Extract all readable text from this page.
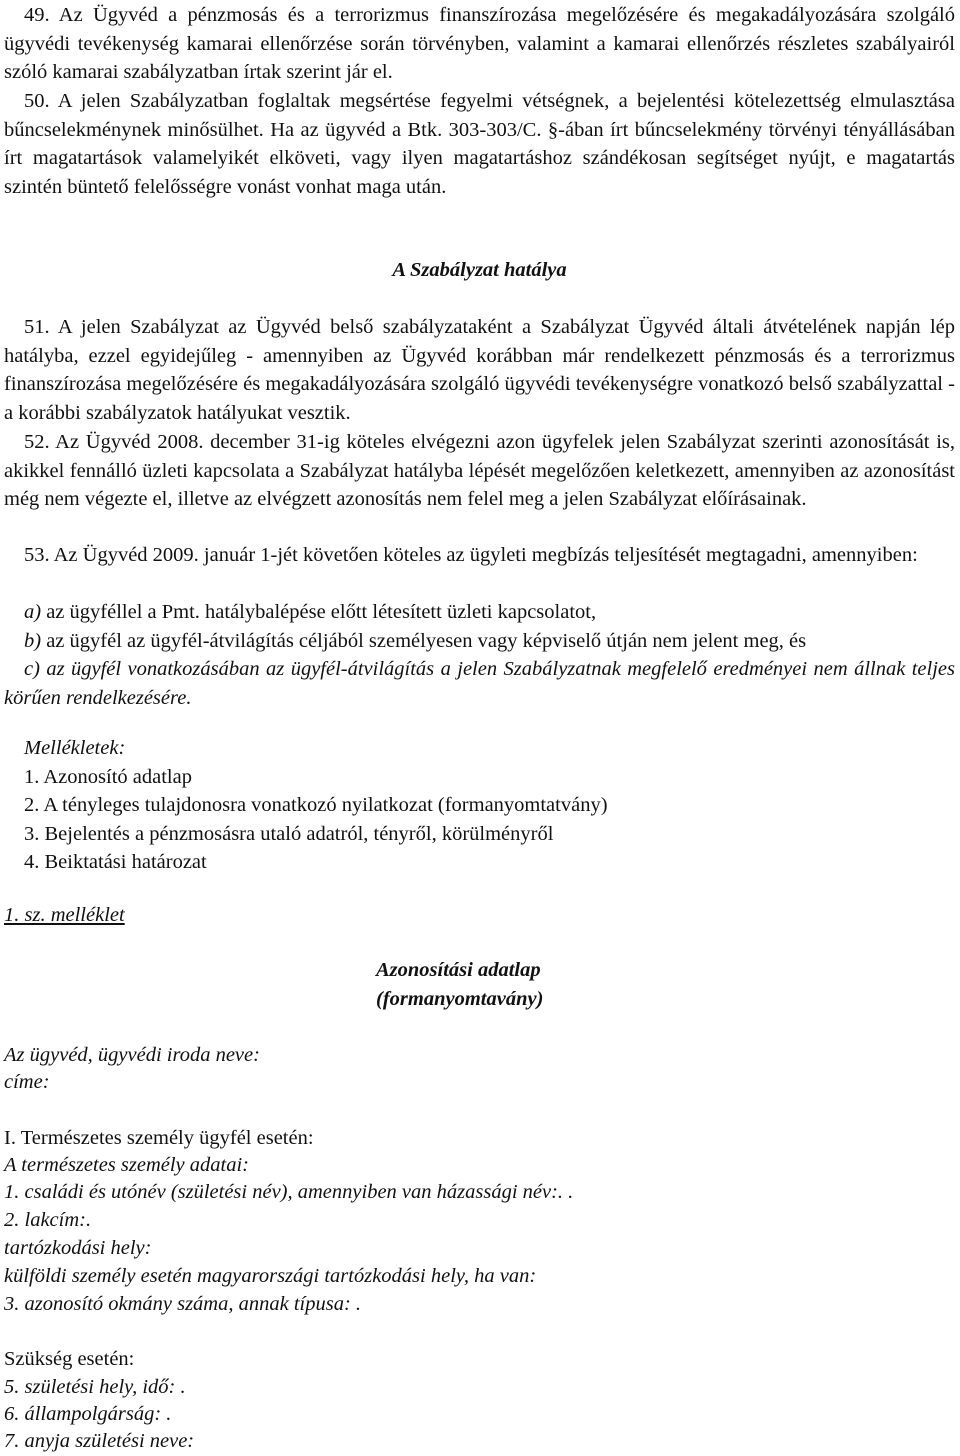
49. Az Ügyvéd a pénzmosás és a terrorizmus finanszírozása megelőzésére és megakadályozására szolgáló ügyvédi tevékenység kamarai ellenőrzése során törvényben, valamint a kamarai ellenőrzés részletes szabályairól szóló kamarai szabályzatban írtak szerint jár el.

50. A jelen Szabályzatban foglaltak megsértése fegyelmi vétségnek, a bejelentési kötelezettség elmulasztása bűncselekménynek minősülhet. Ha az ügyvéd a Btk. 303-303/C. §-ában írt bűncselekmény törvényi tényállásában írt magatartások valamelyikét elköveti, vagy ilyen magatartáshoz szándékosan segítséget nyújt, e magatartás szintén büntető felelősségre vonást vonhat maga után.

A Szabályzat hatálya

51. A jelen Szabályzat az Ügyvéd belső szabályzataként a Szabályzat Ügyvéd általi átvételének napján lép hatályba, ezzel egyidejűleg - amennyiben az Ügyvéd korábban már rendelkezett pénzmosás és a terrorizmus finanszírozása megelőzésére és megakadályozására szolgáló ügyvédi tevékenységre vonatkozó belső szabályzattal - a korábbi szabályzatok hatályukat vesztik.

52. Az Ügyvéd 2008. december 31-ig köteles elvégezni azon ügyfelek jelen Szabályzat szerinti azonosítását is, akikkel fennálló üzleti kapcsolata a Szabályzat hatályba lépését megelőzően keletkezett, amennyiben az azonosítást még nem végezte el, illetve az elvégzett azonosítás nem felel meg a jelen Szabályzat előírásainak.

53. Az Ügyvéd 2009. január 1-jét követően köteles az ügyleti megbízás teljesítését megtagadni, amennyiben:

a) az ügyféllel a Pmt. hatálybalépése előtt létesített üzleti kapcsolatot,

b) az ügyfél az ügyfél-átvilágítás céljából személyesen vagy képviselő útján nem jelent meg, és

c) az ügyfél vonatkozásában az ügyfél-átvilágítás a jelen Szabályzatnak megfelelő eredményei nem állnak teljes körűen rendelkezésére.

Mellékletek:

1. Azonosító adatlap

2. A tényleges tulajdonosra vonatkozó nyilatkozat (formanyomtatvány)

3. Bejelentés a pénzmosásra utaló adatról, tényről, körülményről

4. Beiktatási határozat

1. sz. melléklet

Azonosítási adatlap

(formanyomtavány)

Az ügyvéd, ügyvédi iroda neve:

címe:

I. Természetes személy ügyfél esetén:

A természetes személy adatai:

1. családi és utónév (születési név), amennyiben van házassági név:. .

2. lakcím:.

tartózkodási hely:

külföldi személy esetén magyarországi tartózkodási hely, ha van:

3. azonosító okmány száma, annak típusa: .

Szükség esetén:

5. születési hely, idő: .

6. állampolgárság: .

7. anyja születési neve:
